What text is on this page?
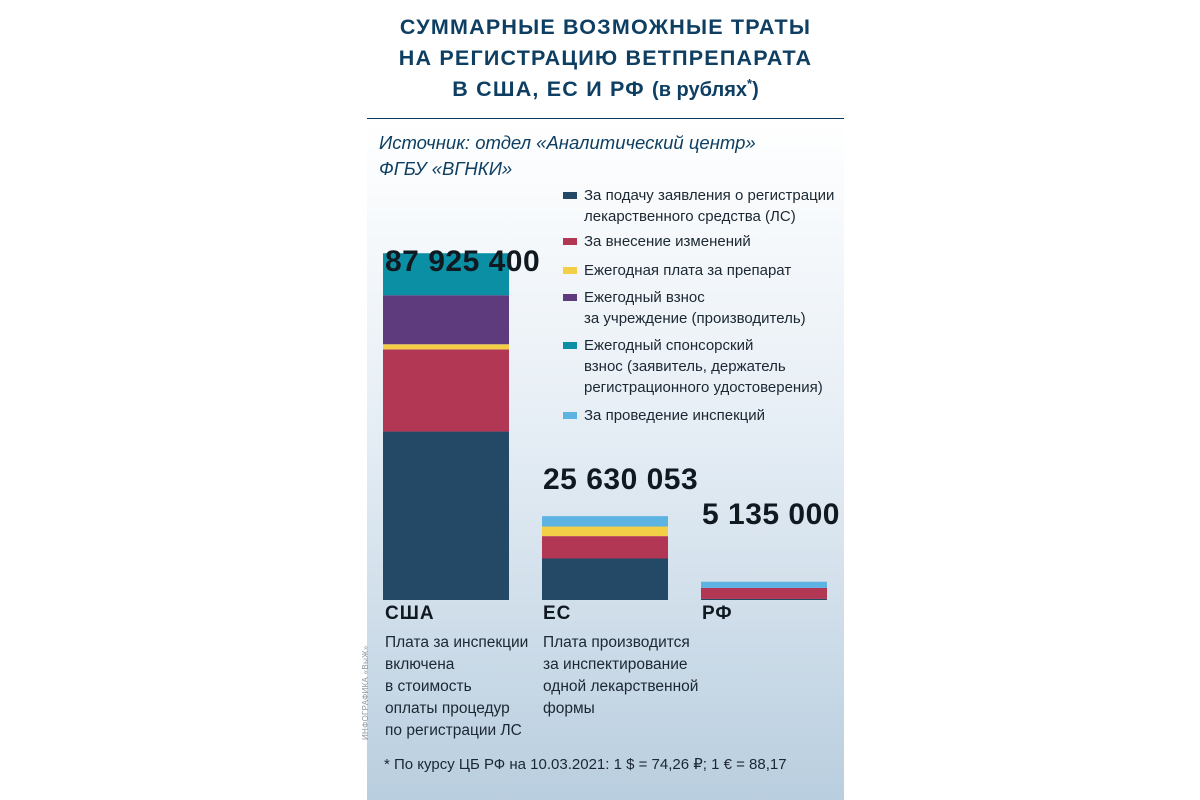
СУММАРНЫЕ ВОЗМОЖНЫЕ ТРАТЫ
НА РЕГИСТРАЦИЮ ВЕТПРЕПАРАТА
В США, ЕС И РФ (в рублях*)
Источник: отдел «Аналитический центр»
ФГБУ «ВГНКИ»
За подачу заявления о регистрации
лекарственного средства (ЛС)
За внесение изменений
Ежегодная плата за препарат
Ежегодный взнос
за учреждение (производитель)
Ежегодный спонсорский
взнос (заявитель, держатель
регистрационного удостоверения)
За проведение инспекций
87 925 400
25 630 053
5 135 000
США	ЕС	РФ
Плата за инспекции
включена
в стоимость
оплаты процедур
по регистрации ЛС
Плата производится
за инспектирование
одной лекарственной
формы
* По курсу ЦБ РФ на 10.03.2021: 1 $ = 74,26 ₽; 1 € = 88,17
ИНФОГРАФИКА «ВыЖ»
